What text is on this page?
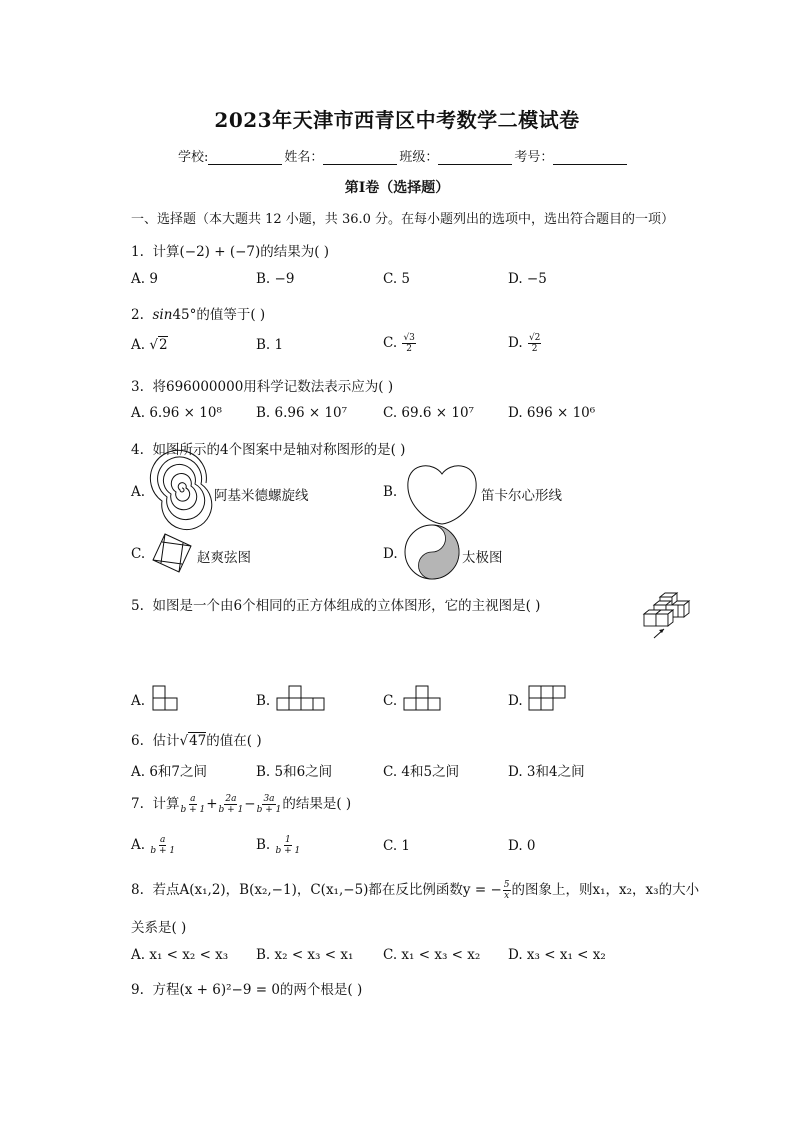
2023年天津市西青区中考数学二模试卷
学校:	姓名：	班级：	考号：
第I卷（选择题）
一、选择题（本大题共 12 小题，共 36.0 分。在每小题列出的选项中，选出符合题目的一项）
1. 计算(−2) + (−7)的结果为( )
A. 9	B. −9	C. 5	D. −5
2. sin45°的值等于( )
A. √2	B. 1	C. $\frac{√3}{2}$	D. $\frac{√2}{2}$
3. 将696000000用科学记数法表示应为( )
A. 6.96 × 10⁸	B. 6.96 × 10⁷	C. 69.6 × 10⁷	D. 696 × 10⁶
4. 如图所示的4个图案中是轴对称图形的是( )
A.	阿基米德螺旋线	B.	笛卡尔心形线
C.	赵爽弦图	D.	太极图
5. 如图是一个由6个相同的正方体组成的立体图形，它的主视图是( )
A.	B.	C.	D.
6. 估计√47的值在( )
A. 6和7之间	B. 5和6之间	C. 4和5之间	D. 3和4之间
7. 计算 $\frac{a}{b + 1} + \frac{2a}{b + 1} - \frac{3a}{b + 1}$ 的结果是( )
A. $\frac{a}{b + 1}$	B. $\frac{1}{b + 1}$	C. 1	D. 0
8. 若点A(x₁,2)，B(x₂,−1)，C(x₁,−5)都在反比例函数y = − $\frac{5}{x}$ 的图象上，则x₁，x₂，x₃的大小
关系是( )
A. x₁ < x₂ < x₃ B. x₂ < x₃ < x₁ C. x₁ < x₃ < x₂ D. x₃ < x₁ < x₂
9. 方程(x + 6)²−9 = 0的两个根是( )
